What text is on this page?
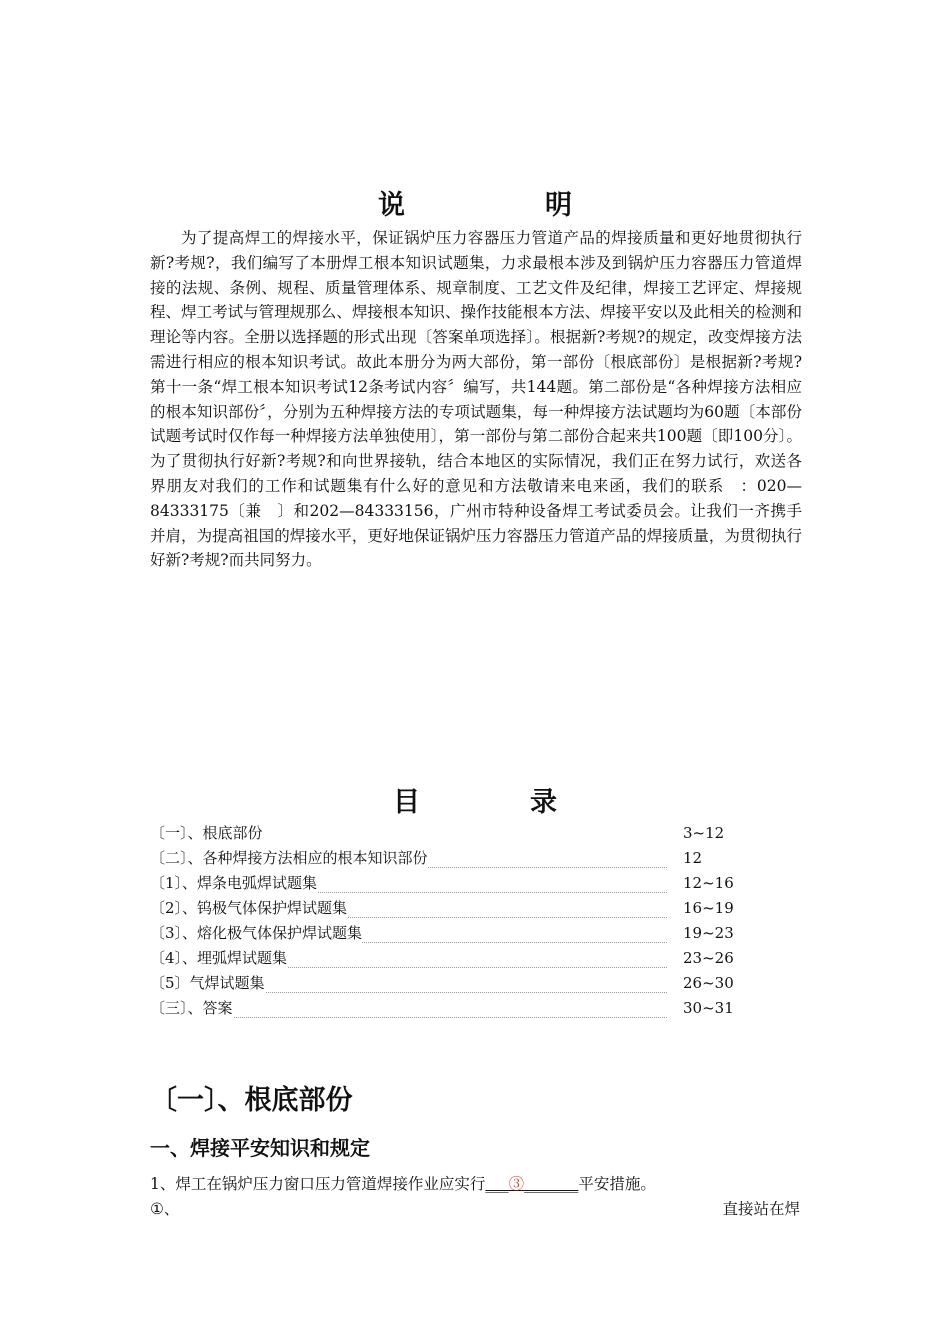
说	明

为了提高焊工的焊接水平，保证锅炉压力容器压力管道产品的焊接质量和更好地贯彻执行新?考规?，我们编写了本册焊工根本知识试题集，力求最根本涉及到锅炉压力容器压力管道焊接的法规、条例、规程、质量管理体系、规章制度、工艺文件及纪律，焊接工艺评定、焊接规程、焊工考试与管理规那么、焊接根本知识、操作技能根本方法、焊接平安以及此相关的检测和理论等内容。全册以选择题的形式出现〔答案单项选择〕。根据新?考规?的规定，改变焊接方法需进行相应的根本知识考试。故此本册分为两大部份，第一部份〔根底部份〕是根据新?考规?第十一条“焊工根本知识考试12条考试内容〞编写，共144题。第二部份是“各种焊接方法相应的根本知识部份〞，分别为五种焊接方法的专项试题集，每一种焊接方法试题均为60题〔本部份试题考试时仅作每一种焊接方法单独使用〕，第一部份与第二部份合起来共100题〔即100分〕。为了贯彻执行好新?考规?和向世界接轨，结合本地区的实际情况，我们正在努力试行，欢送各界朋友对我们的工作和试题集有什么好的意见和方法敬请来电来函，我们的联系　：020—84333175〔兼　〕和202—84333156，广州市特种设备焊工考试委员会。让我们一齐携手并肩，为提高祖国的焊接水平，更好地保证锅炉压力容器压力管道产品的焊接质量，为贯彻执行好新?考规?而共同努力。

目	录
〔一〕、根底部份	3~12
〔二〕、各种焊接方法相应的根本知识部份	12
〔1〕、焊条电弧焊试题集	12~16
〔2〕、钨极气体保护焊试题集	16~19
〔3〕、熔化极气体保护焊试题集	19~23
〔4〕、埋弧焊试题集	23~26
〔5〕气焊试题集	26~30
〔三〕、答案	30~31
〔一〕、根底部份
一、焊接平安知识和规定
1、焊工在锅炉压力窗口压力管道焊接作业应实行___③_______平安措施。
①、	直接站在焊
